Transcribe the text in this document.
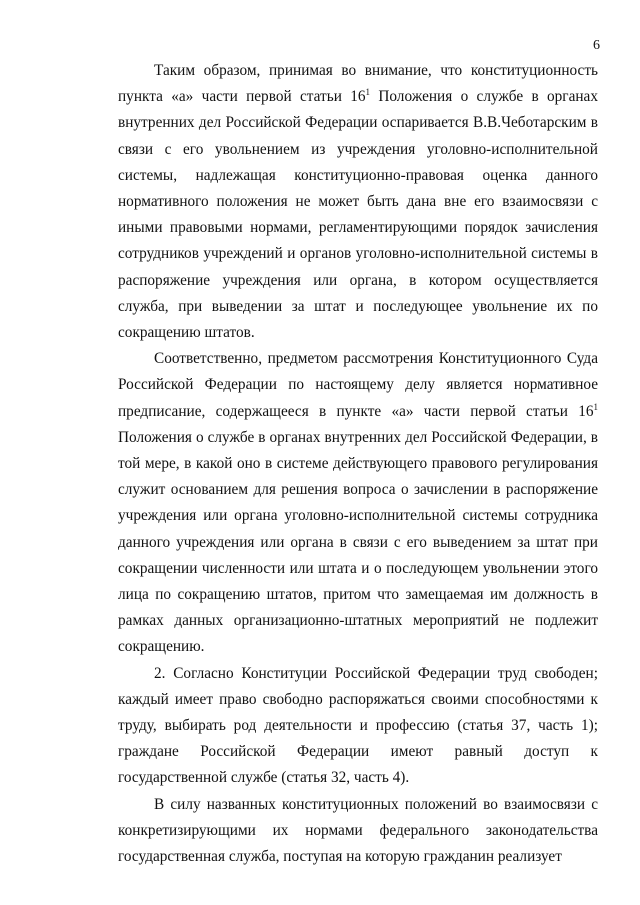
6

Таким образом, принимая во внимание, что конституционность пункта «а» части первой статьи $16^1$ Положения о службе в органах внутренних дел Российской Федерации оспаривается В.В.Чеботарским в связи с его увольнением из учреждения уголовно-исполнительной системы, надлежащая конституционно-правовая оценка данного нормативного положения не может быть дана вне его взаимосвязи с иными правовыми нормами, регламентирующими порядок зачисления сотрудников учреждений и органов уголовно-исполнительной системы в распоряжение учреждения или органа, в котором осуществляется служба, при выведении за штат и последующее увольнение их по сокращению штатов.

Соответственно, предметом рассмотрения Конституционного Суда Российской Федерации по настоящему делу является нормативное предписание, содержащееся в пункте «а» части первой статьи $16^1$ Положения о службе в органах внутренних дел Российской Федерации, в той мере, в какой оно в системе действующего правового регулирования служит основанием для решения вопроса о зачислении в распоряжение учреждения или органа уголовно-исполнительной системы сотрудника данного учреждения или органа в связи с его выведением за штат при сокращении численности или штата и о последующем увольнении этого лица по сокращению штатов, притом что замещаемая им должность в рамках данных организационно-штатных мероприятий не подлежит сокращению.

2. Согласно Конституции Российской Федерации труд свободен; каждый имеет право свободно распоряжаться своими способностями к труду, выбирать род деятельности и профессию (статья 37, часть 1); граждане Российской Федерации имеют равный доступ к государственной службе (статья 32, часть 4).

В силу названных конституционных положений во взаимосвязи с конкретизирующими их нормами федерального законодательства государственная служба, поступая на которую гражданин реализует
